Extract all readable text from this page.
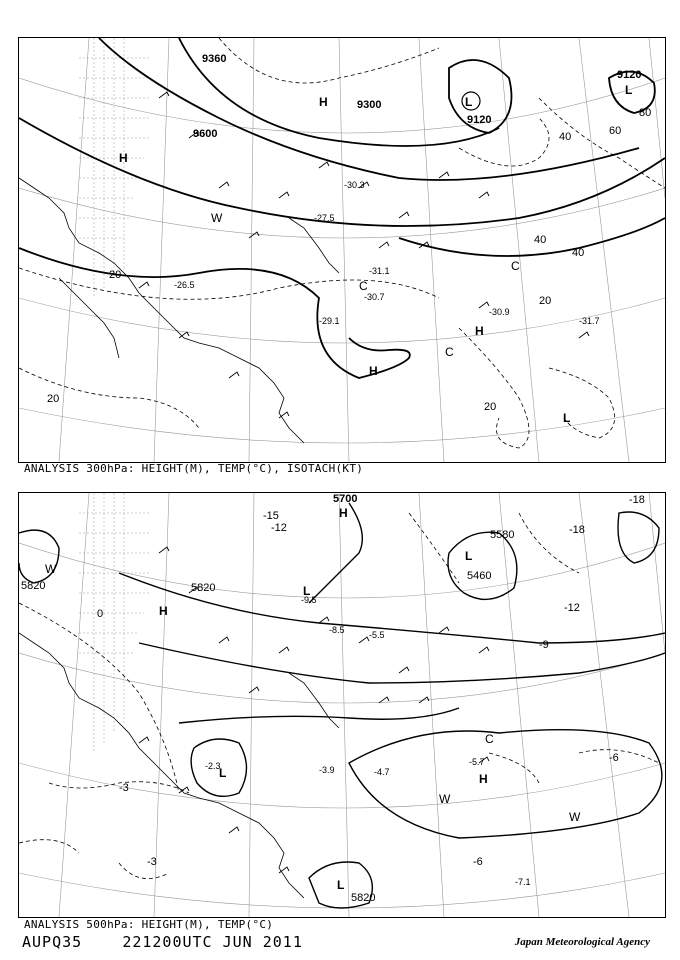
9360
9300
9120
9120
9600
20
20
20
20
40
40
40	60
80
-27.5
-30.3
-31.1
-30.7
-31.7
-29.1
-30.9
-26.5
H
H
H
H
L
L
L
C
C
C
W
ANALYSIS 300hPa: HEIGHT(M), TEMP(°C), ISOTACH(KT)
5700
5820	5820
5820
5460
5580
-3
-3	-6
-6
-9
-12
-12
-15
-18
-18
0
-5.5
-8.5
-9.5
-7.1
-5.7
-4.7
-3.9
-2.3
H
H
H
L
L
L
L
W
W
W
C
ANALYSIS 500hPa: HEIGHT(M), TEMP(°C)
AUPQ35	221200UTC JUN 2011	Japan Meteorological Agency
